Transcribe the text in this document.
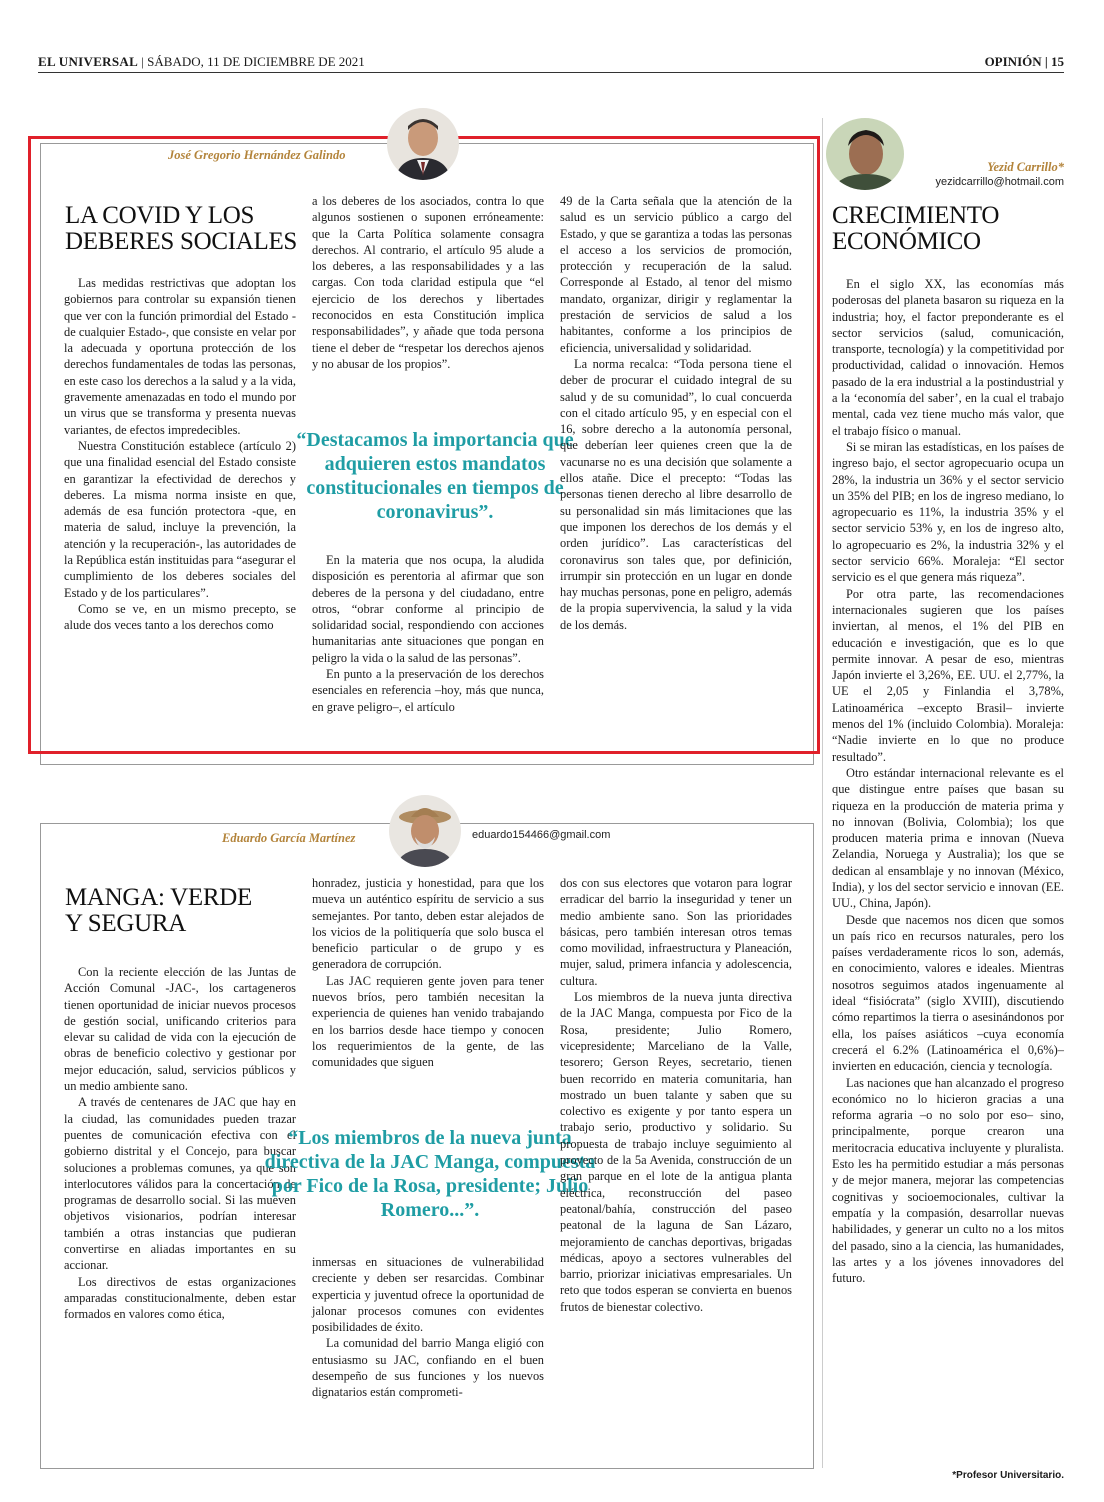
EL UNIVERSAL | SÁBADO, 11 DE DICIEMBRE DE 2021	OPINIÓN | 15
José Gregorio Hernández Galindo
LA COVID Y LOS
DEBERES SOCIALES

Las medidas restrictivas que adoptan los gobiernos para controlar su expansión tienen que ver con la función primordial del Estado -de cualquier Estado-, que consiste en velar por la adecuada y oportuna protección de los derechos fundamentales de todas las personas, en este caso los derechos a la salud y a la vida, gravemente amenazadas en todo el mundo por un virus que se transforma y presenta nuevas variantes, de efectos impredecibles.

Nuestra Constitución establece (artículo 2) que una finalidad esencial del Estado consiste en garantizar la efectividad de derechos y deberes. La misma norma insiste en que, además de esa función protectora -que, en materia de salud, incluye la prevención, la atención y la recuperación-, las autoridades de la República están instituidas para “asegurar el cumplimiento de los deberes sociales del Estado y de los particulares”.

Como se ve, en un mismo precepto, se alude dos veces tanto a los derechos como

a los deberes de los asociados, contra lo que algunos sostienen o suponen erróneamente: que la Carta Política solamente consagra derechos. Al contrario, el artículo 95 alude a los deberes, a las responsabilidades y a las cargas. Con toda claridad estipula que “el ejercicio de los derechos y libertades reconocidos en esta Constitución implica responsabilidades”, y añade que toda persona tiene el deber de “respetar los derechos ajenos y no abusar de los propios”.

“Destacamos la importancia que adquieren estos mandatos constitucionales en tiempos de coronavirus”.

En la materia que nos ocupa, la aludida disposición es perentoria al afirmar que son deberes de la persona y del ciudadano, entre otros, “obrar conforme al principio de solidaridad social, respondiendo con acciones humanitarias ante situaciones que pongan en peligro la vida o la salud de las personas”.

En punto a la preservación de los derechos esenciales en referencia –hoy, más que nunca, en grave peligro–, el artículo

49 de la Carta señala que la atención de la salud es un servicio público a cargo del Estado, y que se garantiza a todas las personas el acceso a los servicios de promoción, protección y recuperación de la salud. Corresponde al Estado, al tenor del mismo mandato, organizar, dirigir y reglamentar la prestación de servicios de salud a los habitantes, conforme a los principios de eficiencia, universalidad y solidaridad.

La norma recalca: “Toda persona tiene el deber de procurar el cuidado integral de su salud y de su comunidad”, lo cual concuerda con el citado artículo 95, y en especial con el 16, sobre derecho a la autonomía personal, que deberían leer quienes creen que la de vacunarse no es una decisión que solamente a ellos atañe. Dice el precepto: “Todas las personas tienen derecho al libre desarrollo de su personalidad sin más limitaciones que las que imponen los derechos de los demás y el orden jurídico”. Las características del coronavirus son tales que, por definición, irrumpir sin protección en un lugar en donde hay muchas personas, pone en peligro, además de la propia supervivencia, la salud y la vida de los demás.

Eduardo García Martínez	eduardo154466@gmail.com
MANGA: VERDE
Y SEGURA

Con la reciente elección de las Juntas de Acción Comunal -JAC-, los cartageneros tienen oportunidad de iniciar nuevos procesos de gestión social, unificando criterios para elevar su calidad de vida con la ejecución de obras de beneficio colectivo y gestionar por mejor educación, salud, servicios públicos y un medio ambiente sano.

A través de centenares de JAC que hay en la ciudad, las comunidades pueden trazar puentes de comunicación efectiva con el gobierno distrital y el Concejo, para buscar soluciones a problemas comunes, ya que son interlocutores válidos para la concertación de programas de desarrollo social. Si las mueven objetivos visionarios, podrían interesar también a otras instancias que pudieran convertirse en aliadas importantes en su accionar.

Los directivos de estas organizaciones amparadas constitucionalmente, deben estar formados en valores como ética,

honradez, justicia y honestidad, para que los mueva un auténtico espíritu de servicio a sus semejantes. Por tanto, deben estar alejados de los vicios de la politiquería que solo busca el beneficio particular o de grupo y es generadora de corrupción.

Las JAC requieren gente joven para tener nuevos bríos, pero también necesitan la experiencia de quienes han venido trabajando en los barrios desde hace tiempo y conocen los requerimientos de la gente, de las comunidades que siguen

“Los miembros de la nueva junta directiva de la JAC Manga, compuesta por Fico de la Rosa, presidente; Julio Romero...”.

inmersas en situaciones de vulnerabilidad creciente y deben ser resarcidas. Combinar experticia y juventud ofrece la oportunidad de jalonar procesos comunes con evidentes posibilidades de éxito.

La comunidad del barrio Manga eligió con entusiasmo su JAC, confiando en el buen desempeño de sus funciones y los nuevos dignatarios están comprometi-

dos con sus electores que votaron para lograr erradicar del barrio la inseguridad y tener un medio ambiente sano. Son las prioridades básicas, pero también interesan otros temas como movilidad, infraestructura y Planeación, mujer, salud, primera infancia y adolescencia, cultura.

Los miembros de la nueva junta directiva de la JAC Manga, compuesta por Fico de la Rosa, presidente; Julio Romero, vicepresidente; Marceliano de la Valle, tesorero; Gerson Reyes, secretario, tienen buen recorrido en materia comunitaria, han mostrado un buen talante y saben que su colectivo es exigente y por tanto espera un trabajo serio, productivo y solidario. Su propuesta de trabajo incluye seguimiento al proyecto de la 5a Avenida, construcción de un gran parque en el lote de la antigua planta eléctrica, reconstrucción del paseo peatonal/bahía, construcción del paseo peatonal de la laguna de San Lázaro, mejoramiento de canchas deportivas, brigadas médicas, apoyo a sectores vulnerables del barrio, priorizar iniciativas empresariales. Un reto que todos esperan se convierta en buenos frutos de bienestar colectivo.

Yezid Carrillo*
yezidcarrillo@hotmail.com
CRECIMIENTO
ECONÓMICO

En el siglo XX, las economías más poderosas del planeta basaron su riqueza en la industria; hoy, el factor preponderante es el sector servicios (salud, comunicación, transporte, tecnología) y la competitividad por productividad, calidad o innovación. Hemos pasado de la era industrial a la postindustrial y a la ‘economía del saber’, en la cual el trabajo mental, cada vez tiene mucho más valor, que el trabajo físico o manual.

Si se miran las estadísticas, en los países de ingreso bajo, el sector agropecuario ocupa un 28%, la industria un 36% y el sector servicio un 35% del PIB; en los de ingreso mediano, lo agropecuario es 11%, la industria 35% y el sector servicio 53% y, en los de ingreso alto, lo agropecuario es 2%, la industria 32% y el sector servicio 66%. Moraleja: “El sector servicio es el que genera más riqueza”.

Por otra parte, las recomendaciones internacionales sugieren que los países inviertan, al menos, el 1% del PIB en educación e investigación, que es lo que permite innovar. A pesar de eso, mientras Japón invierte el 3,26%, EE. UU. el 2,77%, la UE el 2,05 y Finlandia el 3,78%, Latinoamérica –excepto Brasil– invierte menos del 1% (incluido Colombia). Moraleja: “Nadie invierte en lo que no produce resultado”.

Otro estándar internacional relevante es el que distingue entre países que basan su riqueza en la producción de materia prima y no innovan (Bolivia, Colombia); los que producen materia prima e innovan (Nueva Zelandia, Noruega y Australia); los que se dedican al ensamblaje y no innovan (México, India), y los del sector servicio e innovan (EE. UU., China, Japón).

Desde que nacemos nos dicen que somos un país rico en recursos naturales, pero los países verdaderamente ricos lo son, además, en conocimiento, valores e ideales. Mientras nosotros seguimos atados ingenuamente al ideal “fisiócrata” (siglo XVIII), discutiendo cómo repartimos la tierra o asesinándonos por ella, los países asiáticos –cuya economía crecerá el 6.2% (Latinoamérica el 0,6%)– invierten en educación, ciencia y tecnología.

Las naciones que han alcanzado el progreso económico no lo hicieron gracias a una reforma agraria –o no solo por eso– sino, principalmente, porque crearon una meritocracia educativa incluyente y pluralista. Esto les ha permitido estudiar a más personas y de mejor manera, mejorar las competencias cognitivas y socioemocionales, cultivar la empatía y la compasión, desarrollar nuevas habilidades, y generar un culto no a los mitos del pasado, sino a la ciencia, las humanidades, las artes y a los jóvenes innovadores del futuro.

*Profesor Universitario.
